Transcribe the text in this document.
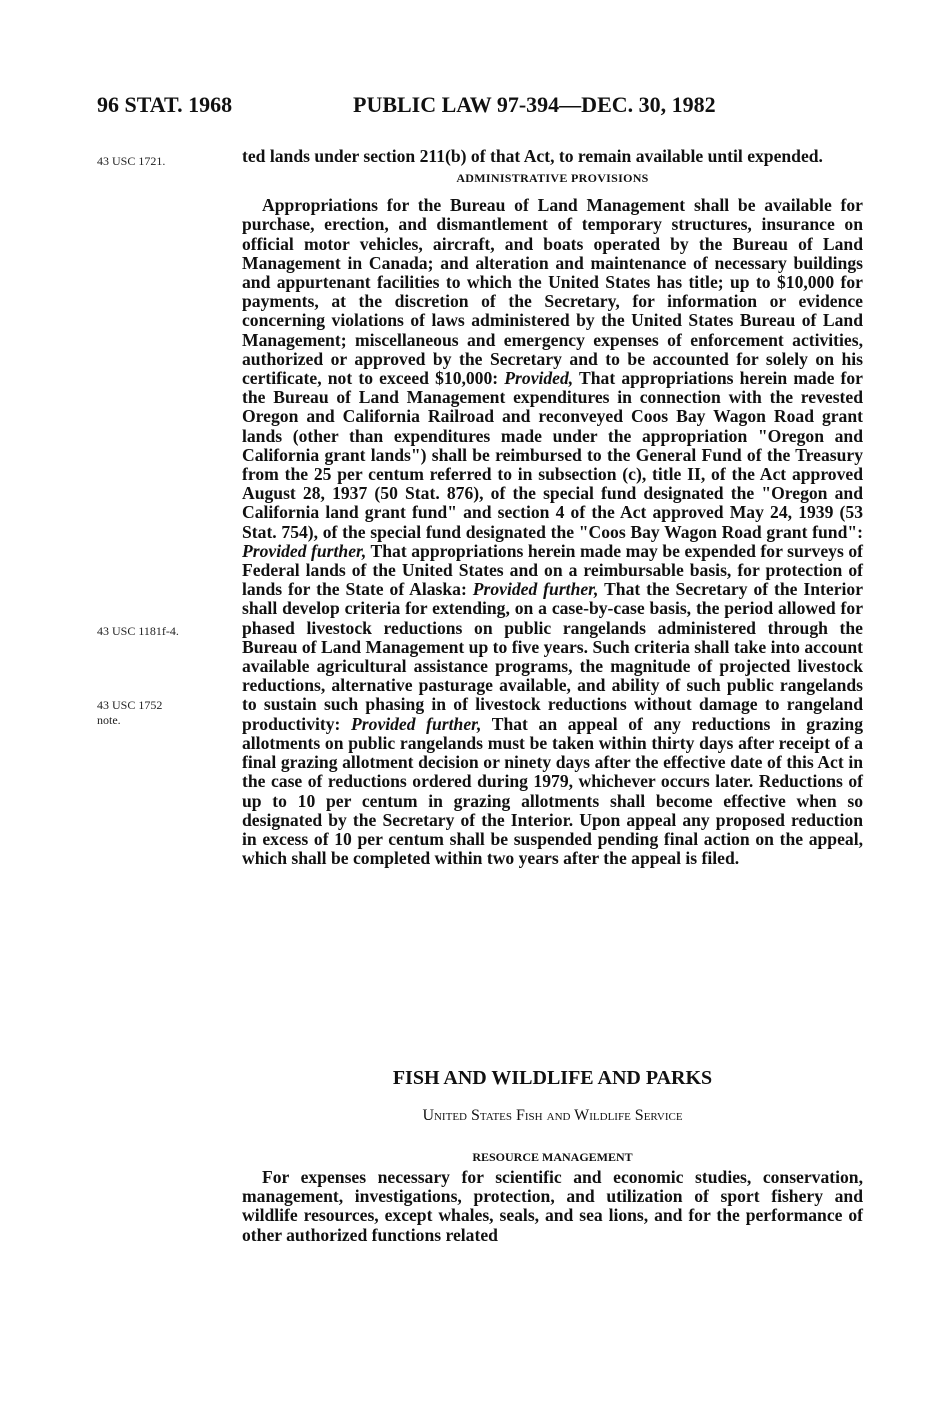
96 STAT. 1968	PUBLIC LAW 97-394—DEC. 30, 1982
43 USC 1721.
43 USC 1181f-4.
43 USC 1752
note.

ted lands under section 211(b) of that Act, to remain available until expended.

ADMINISTRATIVE PROVISIONS

Appropriations for the Bureau of Land Management shall be available for purchase, erection, and dismantlement of temporary structures, insurance on official motor vehicles, aircraft, and boats operated by the Bureau of Land Management in Canada; and alteration and maintenance of necessary buildings and appurtenant facilities to which the United States has title; up to $10,000 for payments, at the discretion of the Secretary, for information or evidence concerning violations of laws administered by the United States Bureau of Land Management; miscellaneous and emergency expenses of enforcement activities, authorized or approved by the Secretary and to be accounted for solely on his certificate, not to exceed $10,000: Provided, That appropriations herein made for the Bureau of Land Management expenditures in connection with the revested Oregon and California Railroad and reconveyed Coos Bay Wagon Road grant lands (other than expenditures made under the appropriation "Oregon and California grant lands") shall be reimbursed to the General Fund of the Treasury from the 25 per centum referred to in subsection (c), title II, of the Act approved August 28, 1937 (50 Stat. 876), of the special fund designated the "Oregon and California land grant fund" and section 4 of the Act approved May 24, 1939 (53 Stat. 754), of the special fund designated the "Coos Bay Wagon Road grant fund": Provided further, That appropriations herein made may be expended for surveys of Federal lands of the United States and on a reimbursable basis, for protection of lands for the State of Alaska: Provided further, That the Secretary of the Interior shall develop criteria for extending, on a case-by-case basis, the period allowed for phased livestock reductions on public rangelands administered through the Bureau of Land Management up to five years. Such criteria shall take into account available agricultural assistance programs, the magnitude of projected livestock reductions, alternative pasturage available, and ability of such public rangelands to sustain such phasing in of livestock reductions without damage to rangeland productivity: Provided further, That an appeal of any reductions in grazing allotments on public rangelands must be taken within thirty days after receipt of a final grazing allotment decision or ninety days after the effective date of this Act in the case of reductions ordered during 1979, whichever occurs later. Reductions of up to 10 per centum in grazing allotments shall become effective when so designated by the Secretary of the Interior. Upon appeal any proposed reduction in excess of 10 per centum shall be suspended pending final action on the appeal, which shall be completed within two years after the appeal is filed.

FISH AND WILDLIFE AND PARKS
United States Fish and Wildlife Service
RESOURCE MANAGEMENT

For expenses necessary for scientific and economic studies, conservation, management, investigations, protection, and utilization of sport fishery and wildlife resources, except whales, seals, and sea lions, and for the performance of other authorized functions related
